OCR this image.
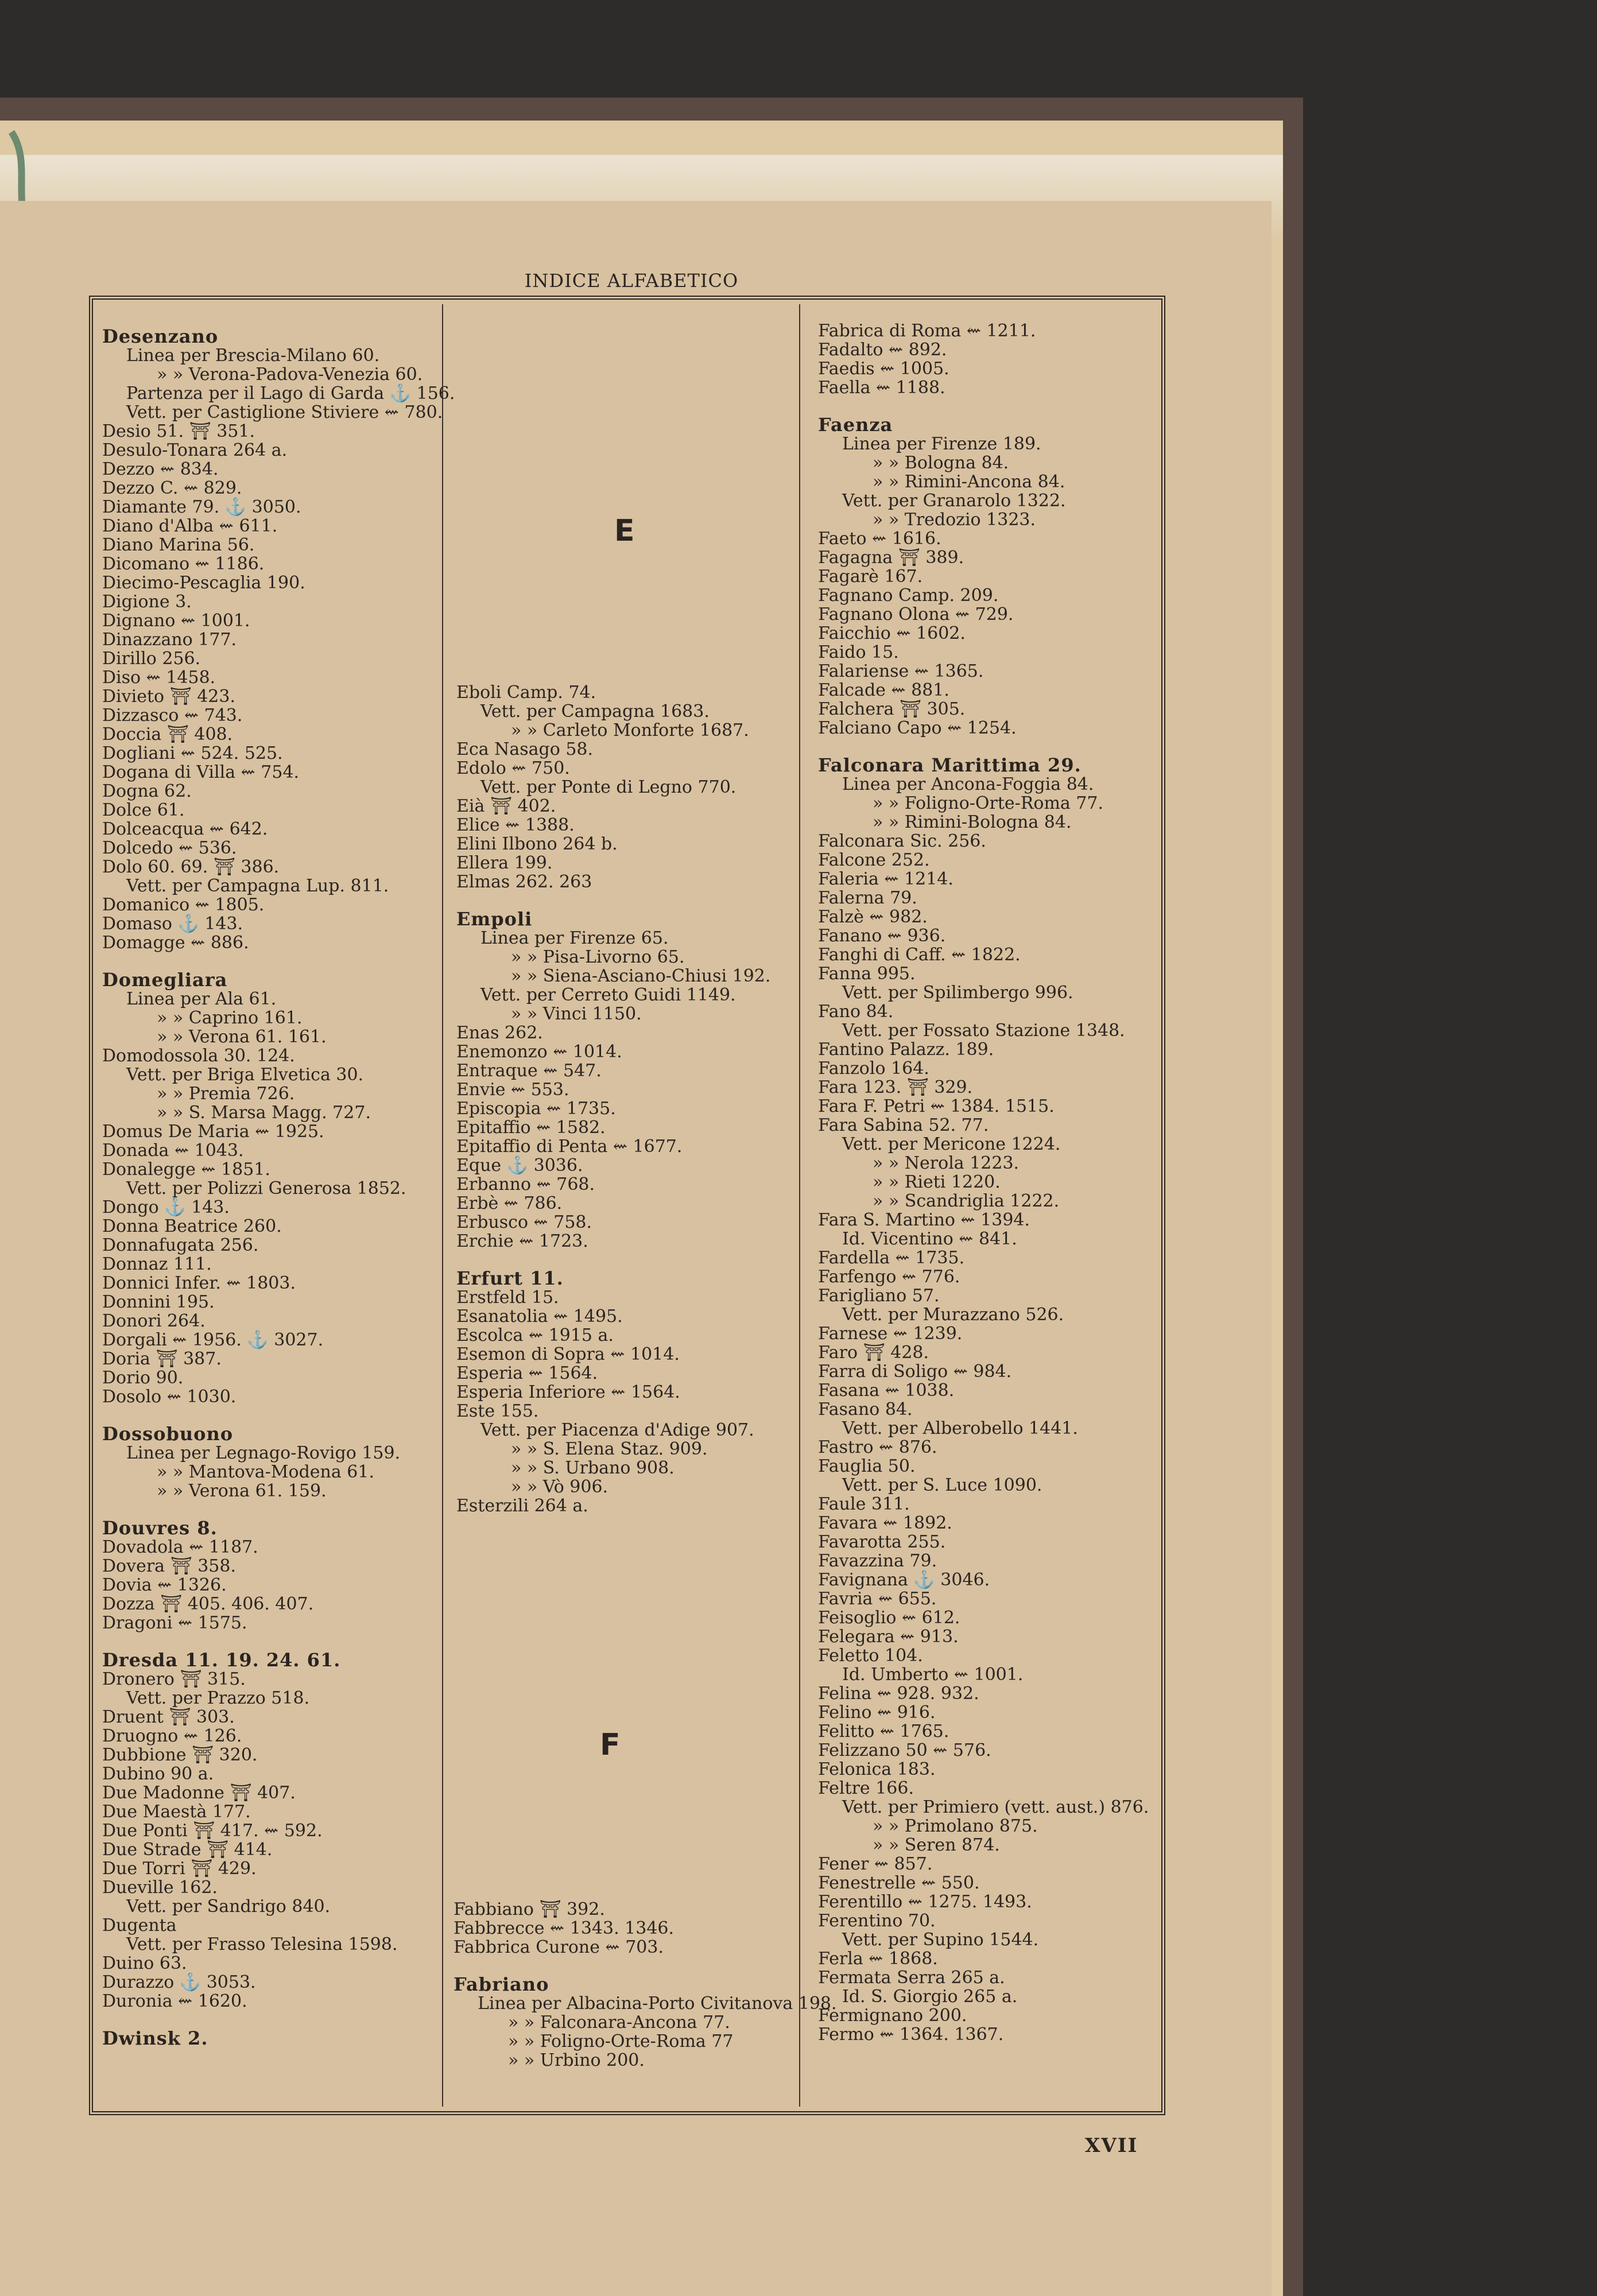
INDICE ALFABETICO
Desenzano
Linea per Brescia-Milano 60.
» » Verona-Padova-Venezia 60.
Partenza per il Lago di Garda ⚓ 156.
Vett. per Castiglione Stiviere ⇜ 780.
Desio 51. ⛩ 351.
Desulo-Tonara 264 a.
Dezzo ⇜ 834.
Dezzo C. ⇜ 829.
Diamante 79. ⚓ 3050.
Diano d'Alba ⇜ 611.
Diano Marina 56.
Dicomano ⇜ 1186.
Diecimo-Pescaglia 190.
Digione 3.
Dignano ⇜ 1001.
Dinazzano 177.
Dirillo 256.
Diso ⇜ 1458.
Divieto ⛩ 423.
Dizzasco ⇜ 743.
Doccia ⛩ 408.
Dogliani ⇜ 524. 525.
Dogana di Villa ⇜ 754.
Dogna 62.
Dolce 61.
Dolceacqua ⇜ 642.
Dolcedo ⇜ 536.
Dolo 60. 69. ⛩ 386.
Vett. per Campagna Lup. 811.
Domanico ⇜ 1805.
Domaso ⚓ 143.
Domagge ⇜ 886.
Domegliara
Linea per Ala 61.
» » Caprino 161.
» » Verona 61. 161.
Domodossola 30. 124.
Vett. per Briga Elvetica 30.
» » Premia 726.
» » S. Marsa Magg. 727.
Domus De Maria ⇜ 1925.
Donada ⇜ 1043.
Donalegge ⇜ 1851.
Vett. per Polizzi Generosa 1852.
Dongo ⚓ 143.
Donna Beatrice 260.
Donnafugata 256.
Donnaz 111.
Donnici Infer. ⇜ 1803.
Donnini 195.
Donori 264.
Dorgali ⇜ 1956. ⚓ 3027.
Doria ⛩ 387.
Dorio 90.
Dosolo ⇜ 1030.
Dossobuono
Linea per Legnago-Rovigo 159.
» » Mantova-Modena 61.
» » Verona 61. 159.
Douvres 8.
Dovadola ⇜ 1187.
Dovera ⛩ 358.
Dovia ⇜ 1326.
Dozza ⛩ 405. 406. 407.
Dragoni ⇜ 1575.
Dresda 11. 19. 24. 61.
Dronero ⛩ 315.
Vett. per Prazzo 518.
Druent ⛩ 303.
Druogno ⇜ 126.
Dubbione ⛩ 320.
Dubino 90 a.
Due Madonne ⛩ 407.
Due Maestà 177.
Due Ponti ⛩ 417. ⇜ 592.
Due Strade ⛩ 414.
Due Torri ⛩ 429.
Dueville 162.
Vett. per Sandrigo 840.
Dugenta
Vett. per Frasso Telesina 1598.
Duino 63.
Durazzo ⚓ 3053.
Duronia ⇜ 1620.
Dwinsk 2.
E
Eboli Camp. 74.
Vett. per Campagna 1683.
» » Carleto Monforte 1687.
Eca Nasago 58.
Edolo ⇜ 750.
Vett. per Ponte di Legno 770.
Eià ⛩ 402.
Elice ⇜ 1388.
Elini Ilbono 264 b.
Ellera 199.
Elmas 262. 263
Empoli
Linea per Firenze 65.
» » Pisa-Livorno 65.
» » Siena-Asciano-Chiusi 192.
Vett. per Cerreto Guidi 1149.
» » Vinci 1150.
Enas 262.
Enemonzo ⇜ 1014.
Entraque ⇜ 547.
Envie ⇜ 553.
Episcopia ⇜ 1735.
Epitaffio ⇜ 1582.
Epitaffio di Penta ⇜ 1677.
Eque ⚓ 3036.
Erbanno ⇜ 768.
Erbè ⇜ 786.
Erbusco ⇜ 758.
Erchie ⇜ 1723.
Erfurt 11.
Erstfeld 15.
Esanatolia ⇜ 1495.
Escolca ⇜ 1915 a.
Esemon di Sopra ⇜ 1014.
Esperia ⇜ 1564.
Esperia Inferiore ⇜ 1564.
Este 155.
Vett. per Piacenza d'Adige 907.
» » S. Elena Staz. 909.
» » S. Urbano 908.
» » Vò 906.
Esterzili 264 a.
F
Fabbiano ⛩ 392.
Fabbrecce ⇜ 1343. 1346.
Fabbrica Curone ⇜ 703.
Fabriano
Linea per Albacina-Porto Civitanova 198.
» » Falconara-Ancona 77.
» » Foligno-Orte-Roma 77
» » Urbino 200.
Fabrica di Roma ⇜ 1211.
Fadalto ⇜ 892.
Faedis ⇜ 1005.
Faella ⇜ 1188.
Faenza
Linea per Firenze 189.
» » Bologna 84.
» » Rimini-Ancona 84.
Vett. per Granarolo 1322.
» » Tredozio 1323.
Faeto ⇜ 1616.
Fagagna ⛩ 389.
Fagarè 167.
Fagnano Camp. 209.
Fagnano Olona ⇜ 729.
Faicchio ⇜ 1602.
Faido 15.
Falariense ⇜ 1365.
Falcade ⇜ 881.
Falchera ⛩ 305.
Falciano Capo ⇜ 1254.
Falconara Marittima 29.
Linea per Ancona-Foggia 84.
» » Foligno-Orte-Roma 77.
» » Rimini-Bologna 84.
Falconara Sic. 256.
Falcone 252.
Faleria ⇜ 1214.
Falerna 79.
Falzè ⇜ 982.
Fanano ⇜ 936.
Fanghi di Caff. ⇜ 1822.
Fanna 995.
Vett. per Spilimbergo 996.
Fano 84.
Vett. per Fossato Stazione 1348.
Fantino Palazz. 189.
Fanzolo 164.
Fara 123. ⛩ 329.
Fara F. Petri ⇜ 1384. 1515.
Fara Sabina 52. 77.
Vett. per Mericone 1224.
» » Nerola 1223.
» » Rieti 1220.
» » Scandriglia 1222.
Fara S. Martino ⇜ 1394.
Id. Vicentino ⇜ 841.
Fardella ⇜ 1735.
Farfengo ⇜ 776.
Farigliano 57.
Vett. per Murazzano 526.
Farnese ⇜ 1239.
Faro ⛩ 428.
Farra di Soligo ⇜ 984.
Fasana ⇜ 1038.
Fasano 84.
Vett. per Alberobello 1441.
Fastro ⇜ 876.
Fauglia 50.
Vett. per S. Luce 1090.
Faule 311.
Favara ⇜ 1892.
Favarotta 255.
Favazzina 79.
Favignana ⚓ 3046.
Favria ⇜ 655.
Feisoglio ⇜ 612.
Felegara ⇜ 913.
Feletto 104.
Id. Umberto ⇜ 1001.
Felina ⇜ 928. 932.
Felino ⇜ 916.
Felitto ⇜ 1765.
Felizzano 50 ⇜ 576.
Felonica 183.
Feltre 166.
Vett. per Primiero (vett. aust.) 876.
» » Primolano 875.
» » Seren 874.
Fener ⇜ 857.
Fenestrelle ⇜ 550.
Ferentillo ⇜ 1275. 1493.
Ferentino 70.
Vett. per Supino 1544.
Ferla ⇜ 1868.
Fermata Serra 265 a.
Id. S. Giorgio 265 a.
Fermignano 200.
Fermo ⇜ 1364. 1367.
XVII
